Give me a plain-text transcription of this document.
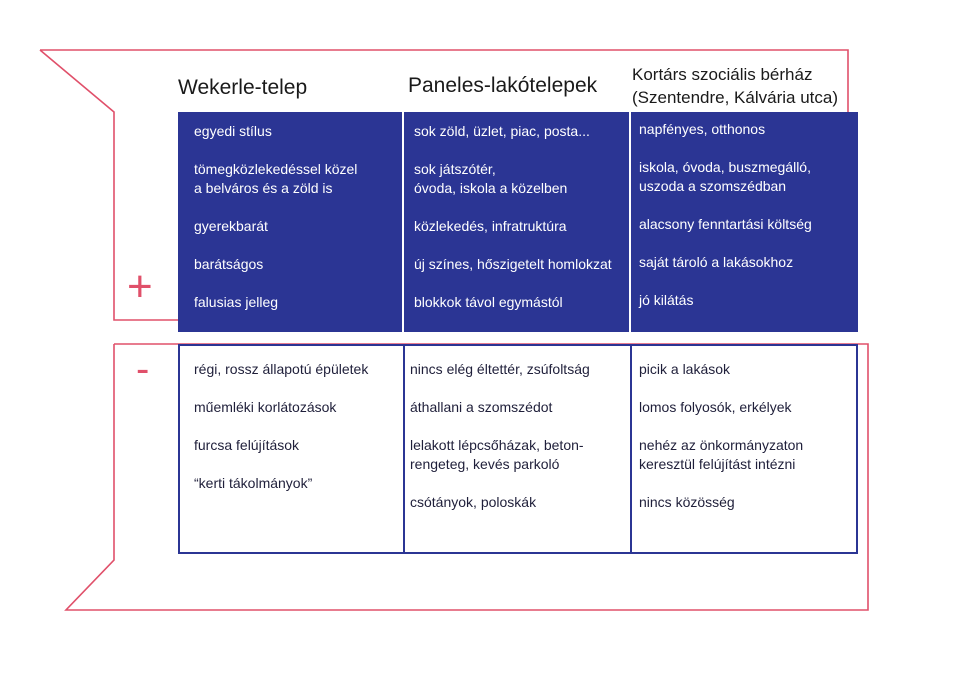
Wekerle-telep	Paneles-lakótelepek Kortárs szociális bérház
(Szentendre, Kálvária utca)
+
-
egyedi stílus
tömegközlekedéssel közel
a belváros és a zöld is
gyerekbarát
barátságos
falusias jelleg
sok zöld, üzlet, piac, posta...
sok játszótér,
óvoda, iskola a közelben
közlekedés, infratruktúra
új színes, hőszigetelt homlokzat
blokkok távol egymástól
napfényes, otthonos
iskola, óvoda, buszmegálló,
uszoda a szomszédban
alacsony fenntartási költség
saját tároló a lakásokhoz
jó kilátás
régi, rossz állapotú épületek
műemléki korlátozások
furcsa felújítások
“kerti tákolmányok”
nincs elég éltettér, zsúfoltság
áthallani a szomszédot
lelakott lépcsőházak, beton-
rengeteg, kevés parkoló
csótányok, poloskák
picik a lakások
lomos folyosók, erkélyek
nehéz az önkormányzaton
keresztül felújítást intézni
nincs közösség
